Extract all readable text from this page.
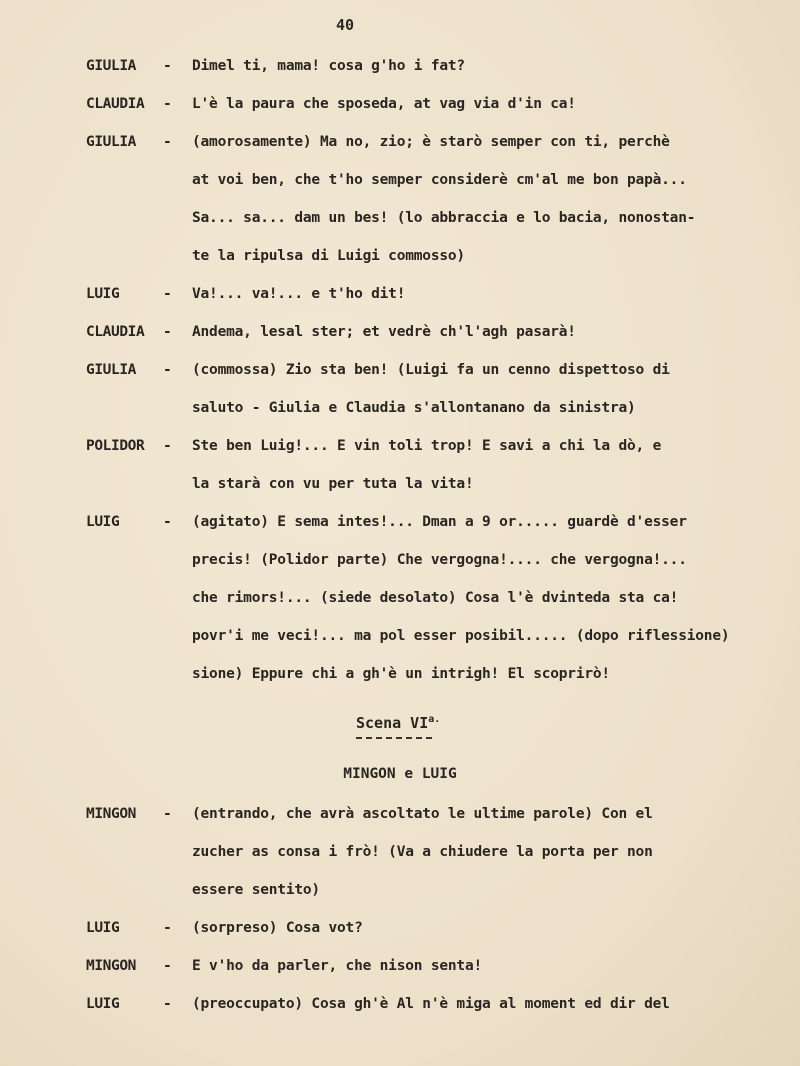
40
GIULIA	- Dimel ti, mama! cosa g'ho i fat?
CLAUDIA	- L'è la paura che sposeda, at vag via d'in ca!
GIULIA	- (amorosamente) Ma no, zio; è starò semper con ti, perchè
at voi ben, che t'ho semper considerè cm'al me bon papà...
Sa... sa... dam un bes! (lo abbraccia e lo bacia, nonostan-
te la ripulsa di Luigi commosso)
LUIG	- Va!... va!... e t'ho dit!
CLAUDIA	- Andema, lesal ster; et vedrè ch'l'agh pasarà!
GIULIA	- (commossa) Zio sta ben! (Luigi fa un cenno dispettoso di
saluto - Giulia e Claudia s'allontanano da sinistra)
POLIDOR	- Ste ben Luig!... E vin toli trop! E savi a chi la dò, e
la starà con vu per tuta la vita!
LUIG	- (agitato) E sema intes!... Dman a 9 or..... guardè d'esser
precis! (Polidor parte) Che vergogna!.... che vergogna!...
che rimors!... (siede desolato) Cosa l'è dvinteda sta ca!
povr'i me veci!... ma pol esser posibil..... (dopo riflessione)
sione) Eppure chi a gh'è un intrigh! El scoprirò!
Scena $VI^{a.}$
MINGON e LUIG
MINGON	- (entrando, che avrà ascoltato le ultime parole) Con el
zucher as consa i frò! (Va a chiudere la porta per non
essere sentito)
LUIG	- (sorpreso) Cosa vot?
MINGON	- E v'ho da parler, che nison senta!
LUIG	- (preoccupato) Cosa gh'è Al n'è miga al moment ed dir del
